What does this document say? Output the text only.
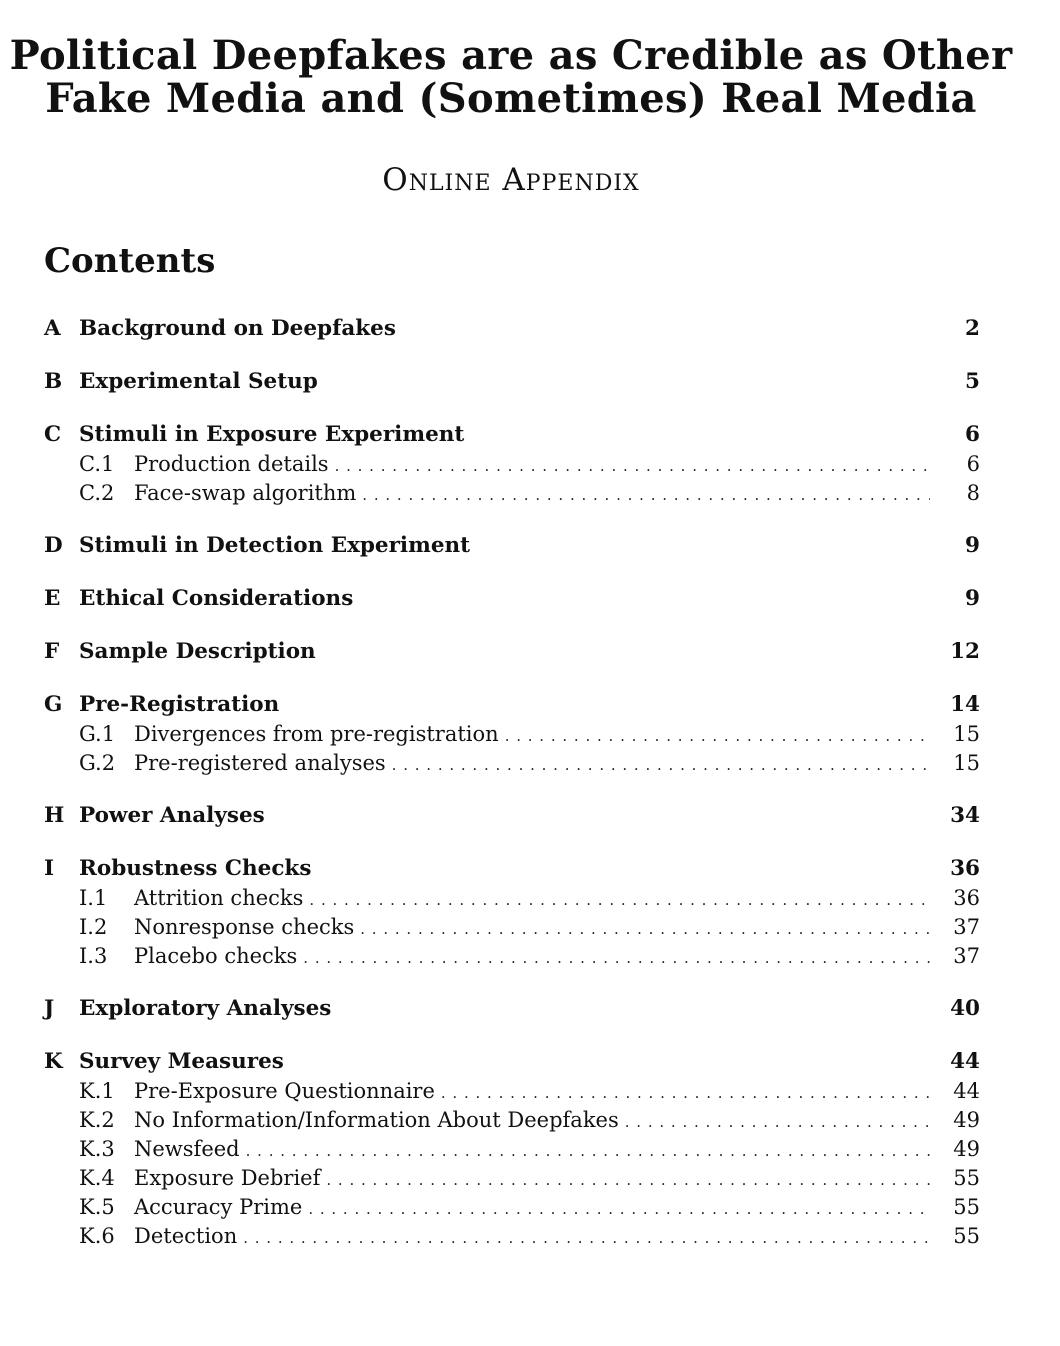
Political Deepfakes are as Credible as Other
Fake Media and (Sometimes) Real Media
Online Appendix
Contents
A Background on Deepfakes	2
B Experimental Setup	5
C Stimuli in Exposure Experiment	6
C.1 Production details . . .	6
C.2 Face-swap algorithm . . .	8
D Stimuli in Detection Experiment	9
E Ethical Considerations	9
F Sample Description	12
G Pre-Registration	14
G.1 Divergences from pre-registration . . .	15
G.2 Pre-registered analyses . . .	15
H Power Analyses	34
I	Robustness Checks	36
I.1	Attrition checks . . .	36
I.2	Nonresponse checks . . .	37
I.3	Placebo checks . . .	37
J	Exploratory Analyses	40
K Survey Measures	44
K.1 Pre-Exposure Questionnaire . . .	44
K.2 No Information/Information About Deepfakes . . .	49
K.3 Newsfeed . . .	49
K.4 Exposure Debrief . . .	55
K.5 Accuracy Prime . . .	55
K.6 Detection . . .	55
